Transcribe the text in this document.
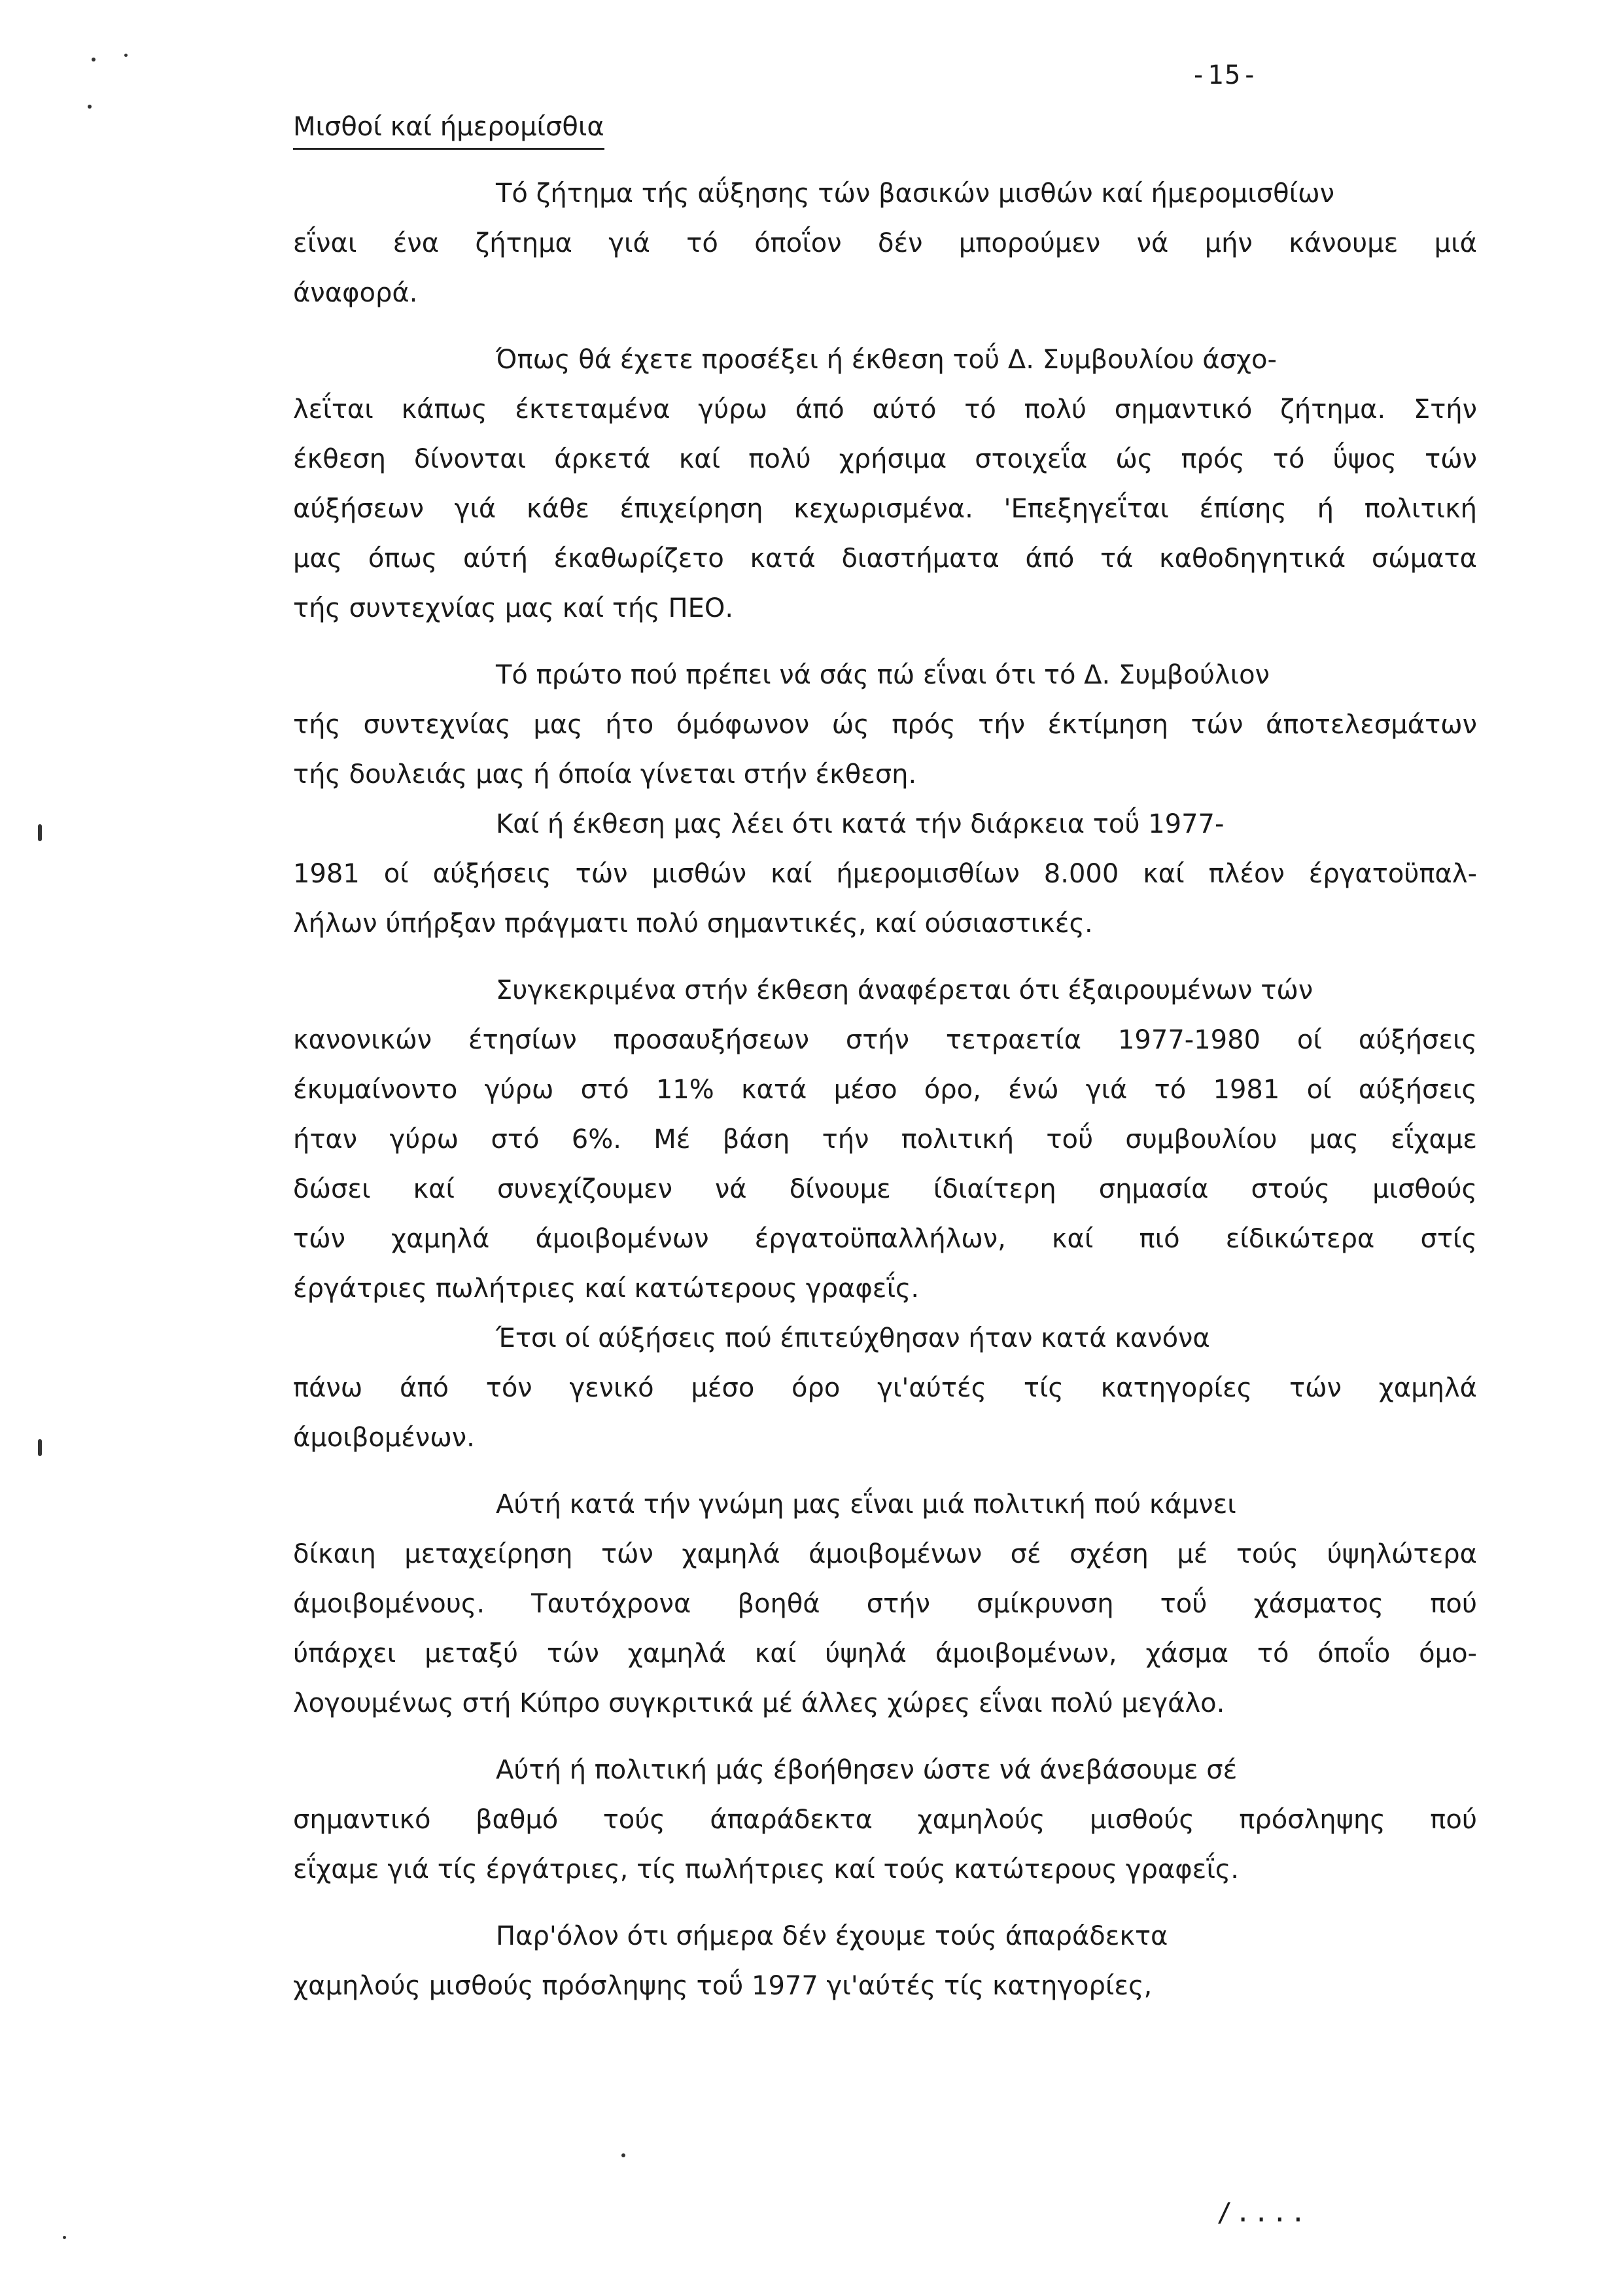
-15-
Μισθοί καί ήμερομίσθια
Τό ζήτημα τής αΰξησης τών βασικών μισθών καί ήμερομισθίων
εΐναι ένα ζήτημα γιά τό όποΐον δέν μπορούμεν νά μήν κάνουμε μιά
άναφορά.
Όπως θά έχετε προσέξει ή έκθεση τοΰ Δ. Συμβουλίου άσχο-
λεΐται κάπως έκτεταμένα γύρω άπό αύτό τό πολύ σημαντικό ζήτημα. Στήν
έκθεση δίνονται άρκετά καί πολύ χρήσιμα στοιχεΐα ώς πρός τό ΰψος τών
αύξήσεων γιά κάθε έπιχείρηση κεχωρισμένα. 'Επεξηγεΐται έπίσης ή πολιτική
μας όπως αύτή έκαθωρίζετο κατά διαστήματα άπό τά καθοδηγητικά σώματα
τής συντεχνίας μας καί τής ΠΕΟ.
Τό πρώτο πού πρέπει νά σάς πώ εΐναι ότι τό Δ. Συμβούλιον
τής συντεχνίας μας ήτο όμόφωνον ώς πρός τήν έκτίμηση τών άποτελεσμάτων
τής δουλειάς μας ή όποία γίνεται στήν έκθεση.
Καί ή έκθεση μας λέει ότι κατά τήν διάρκεια τοΰ 1977-
1981 οί αύξήσεις τών μισθών καί ήμερομισθίων 8.000 καί πλέον έργατοϋπαλ-
λήλων ύπήρξαν πράγματι πολύ σημαντικές, καί ούσιαστικές.
Συγκεκριμένα στήν έκθεση άναφέρεται ότι έξαιρουμένων τών
κανονικών έτησίων προσαυξήσεων στήν τετραετία 1977-1980 οί αύξήσεις
έκυμαίνοντο γύρω στό 11% κατά μέσο όρο, ένώ γιά τό 1981 οί αύξήσεις
ήταν γύρω στό 6%. Μέ βάση τήν πολιτική τοΰ συμβουλίου μας εΐχαμε
δώσει καί συνεχίζουμεν νά δίνουμε ίδιαίτερη σημασία στούς μισθούς
τών χαμηλά άμοιβομένων έργατοϋπαλλήλων, καί πιό είδικώτερα στίς
έργάτριες πωλήτριες καί κατώτερους γραφεΐς.
Έτσι οί αύξήσεις πού έπιτεύχθησαν ήταν κατά κανόνα
πάνω άπό τόν γενικό μέσο όρο γι'αύτές τίς κατηγορίες τών χαμηλά
άμοιβομένων.
Αύτή κατά τήν γνώμη μας εΐναι μιά πολιτική πού κάμνει
δίκαιη μεταχείρηση τών χαμηλά άμοιβομένων σέ σχέση μέ τούς ύψηλώτερα
άμοιβομένους. Ταυτόχρονα βοηθά στήν σμίκρυνση τοΰ χάσματος πού
ύπάρχει μεταξύ τών χαμηλά καί ύψηλά άμοιβομένων, χάσμα τό όποΐο όμο-
λογουμένως στή Κύπρο συγκριτικά μέ άλλες χώρες εΐναι πολύ μεγάλο.
Αύτή ή πολιτική μάς έβοήθησεν ώστε νά άνεβάσουμε σέ
σημαντικό βαθμό τούς άπαράδεκτα χαμηλούς μισθούς πρόσληψης πού
εΐχαμε γιά τίς έργάτριες, τίς πωλήτριες καί τούς κατώτερους γραφεΐς.
Παρ'όλον ότι σήμερα δέν έχουμε τούς άπαράδεκτα
χαμηλούς μισθούς πρόσληψης τοΰ 1977 γι'αύτές τίς κατηγορίες,
/....
